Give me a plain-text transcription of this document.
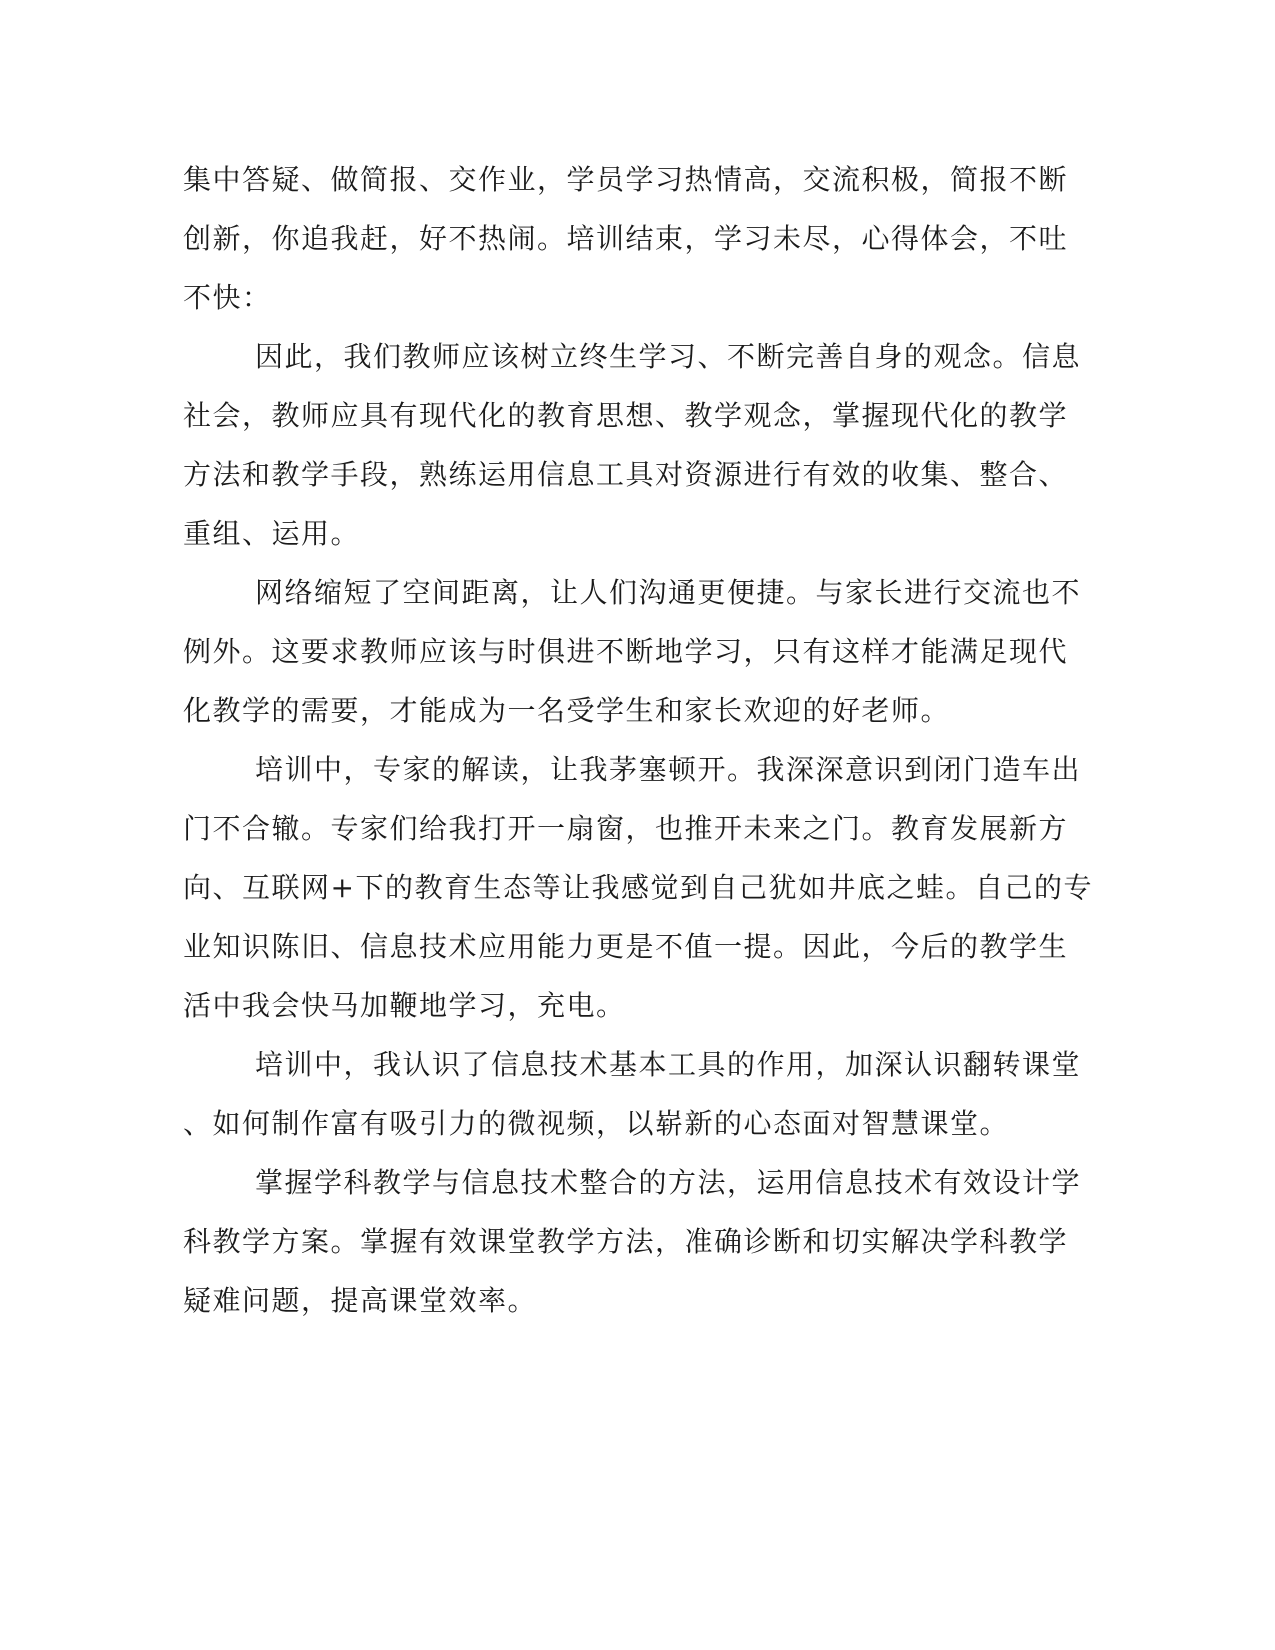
集中答疑、做简报、交作业，学员学习热情高，交流积极，简报不断
创新，你追我赶，好不热闹。培训结束，学习未尽，心得体会，不吐
不快：
因此，我们教师应该树立终生学习、不断完善自身的观念。信息
社会，教师应具有现代化的教育思想、教学观念，掌握现代化的教学
方法和教学手段，熟练运用信息工具对资源进行有效的收集、整合、
重组、运用。
网络缩短了空间距离，让人们沟通更便捷。与家长进行交流也不
例外。这要求教师应该与时俱进不断地学习，只有这样才能满足现代
化教学的需要，才能成为一名受学生和家长欢迎的好老师。
培训中，专家的解读，让我茅塞顿开。我深深意识到闭门造车出
门不合辙。专家们给我打开一扇窗，也推开未来之门。教育发展新方
向、互联网+下的教育生态等让我感觉到自己犹如井底之蛙。自己的专
业知识陈旧、信息技术应用能力更是不值一提。因此，今后的教学生
活中我会快马加鞭地学习，充电。
培训中，我认识了信息技术基本工具的作用，加深认识翻转课堂
、如何制作富有吸引力的微视频，以崭新的心态面对智慧课堂。
掌握学科教学与信息技术整合的方法，运用信息技术有效设计学
科教学方案。掌握有效课堂教学方法，准确诊断和切实解决学科教学
疑难问题，提高课堂效率。
